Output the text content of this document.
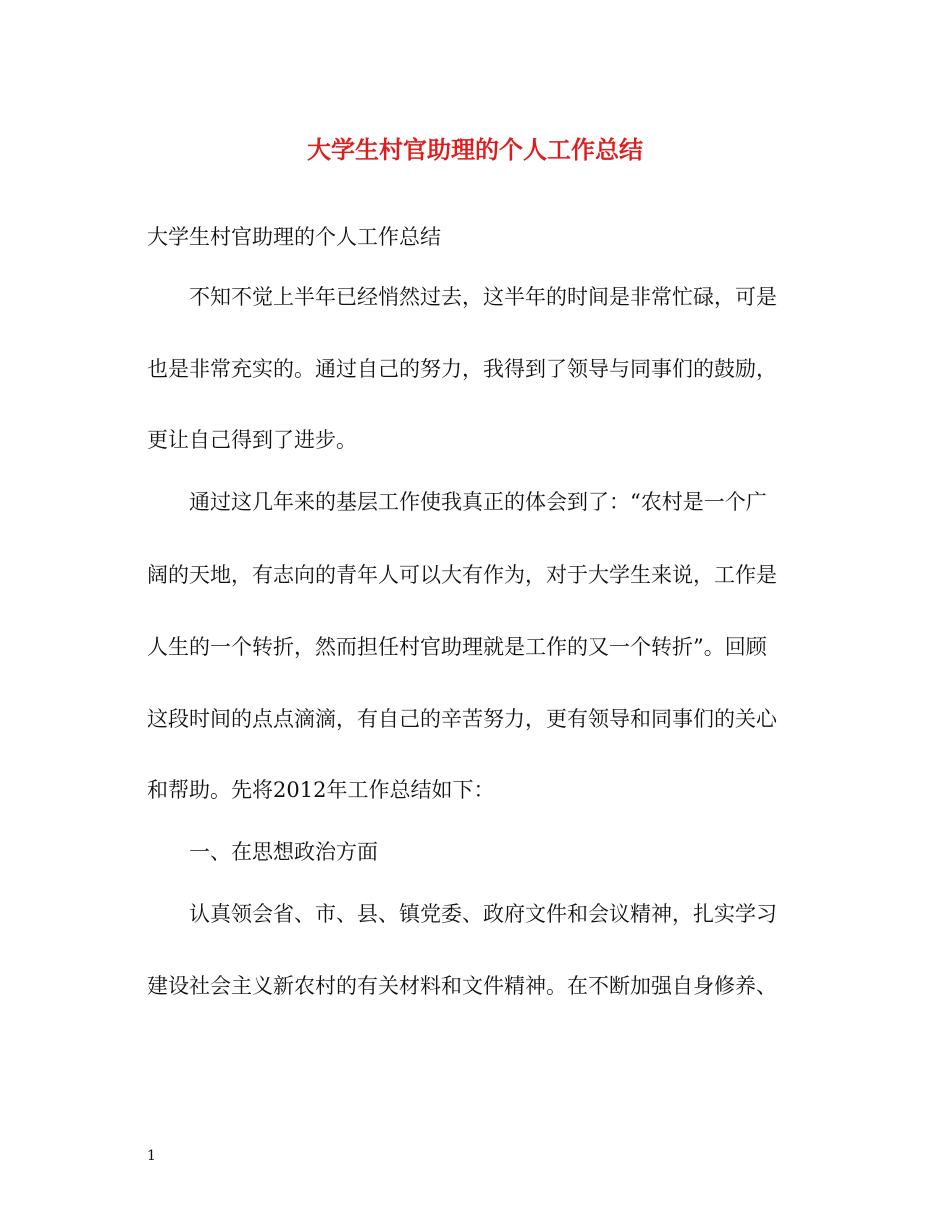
大学生村官助理的个人工作总结

大学生村官助理的个人工作总结

不知不觉上半年已经悄然过去，这半年的时间是非常忙碌，可是

也是非常充实的。通过自己的努力，我得到了领导与同事们的鼓励，

更让自己得到了进步。

通过这几年来的基层工作使我真正的体会到了：“农村是一个广

阔的天地，有志向的青年人可以大有作为，对于大学生来说，工作是

人生的一个转折，然而担任村官助理就是工作的又一个转折”。回顾

这段时间的点点滴滴，有自己的辛苦努力，更有领导和同事们的关心

和帮助。先将2012年工作总结如下：

一、在思想政治方面

认真领会省、市、县、镇党委、政府文件和会议精神，扎实学习

建设社会主义新农村的有关材料和文件精神。在不断加强自身修养、

1
